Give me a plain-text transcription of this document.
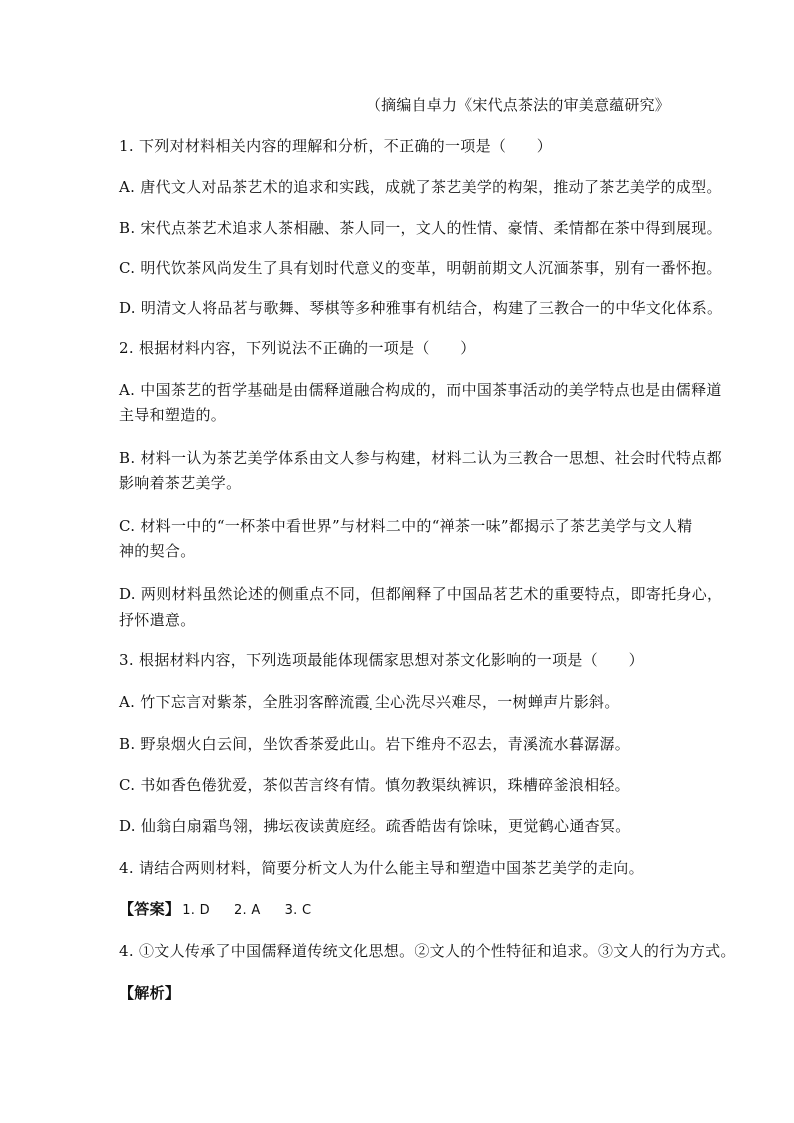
（摘编自卓力《宋代点茶法的审美意蕴研究》
1. 下列对材料相关内容的理解和分析，不正确的一项是（　　）
A. 唐代文人对品茶艺术的追求和实践，成就了茶艺美学的构架，推动了茶艺美学的成型。
B. 宋代点茶艺术追求人茶相融、茶人同一，文人的性情、豪情、柔情都在茶中得到展现。
C. 明代饮茶风尚发生了具有划时代意义的变革，明朝前期文人沉湎茶事，别有一番怀抱。
D. 明清文人将品茗与歌舞、琴棋等多种雅事有机结合，构建了三教合一的中华文化体系。
2. 根据材料内容，下列说法不正确的一项是（　　）
A. 中国茶艺的哲学基础是由儒释道融合构成的，而中国茶事活动的美学特点也是由儒释道
主导和塑造的。
B. 材料一认为茶艺美学体系由文人参与构建，材料二认为三教合一思想、社会时代特点都
影响着茶艺美学。
C. 材料一中的“一杯茶中看世界”与材料二中的“禅茶一味”都揭示了茶艺美学与文人精
神的契合。
D. 两则材料虽然论述的侧重点不同，但都阐释了中国品茗艺术的重要特点，即寄托身心，
抒怀遣意。
3. 根据材料内容，下列选项最能体现儒家思想对茶文化影响的一项是（　　）
A. 竹下忘言对紫茶，全胜羽客醉流霞 ̣尘心洗尽兴难尽，一树蝉声片影斜。
B. 野泉烟火白云间，坐饮香茶爱此山。岩下维舟不忍去，青溪流水暮潺潺。
C. 书如香色倦犹爱，茶似苦言终有情。慎勿教渠纨裤识，珠槽碎釜浪相轻。
D. 仙翁白扇霜鸟翎，拂坛夜读黄庭经。疏香皓齿有馀味，更觉鹤心通杳冥。
4. 请结合两则材料，简要分析文人为什么能主导和塑造中国茶艺美学的走向。
【答案】 1. D 2. A 3. C
4. ①文人传承了中国儒释道传统文化思想。②文人的个性特征和追求。③文人的行为方式。
【解析】
